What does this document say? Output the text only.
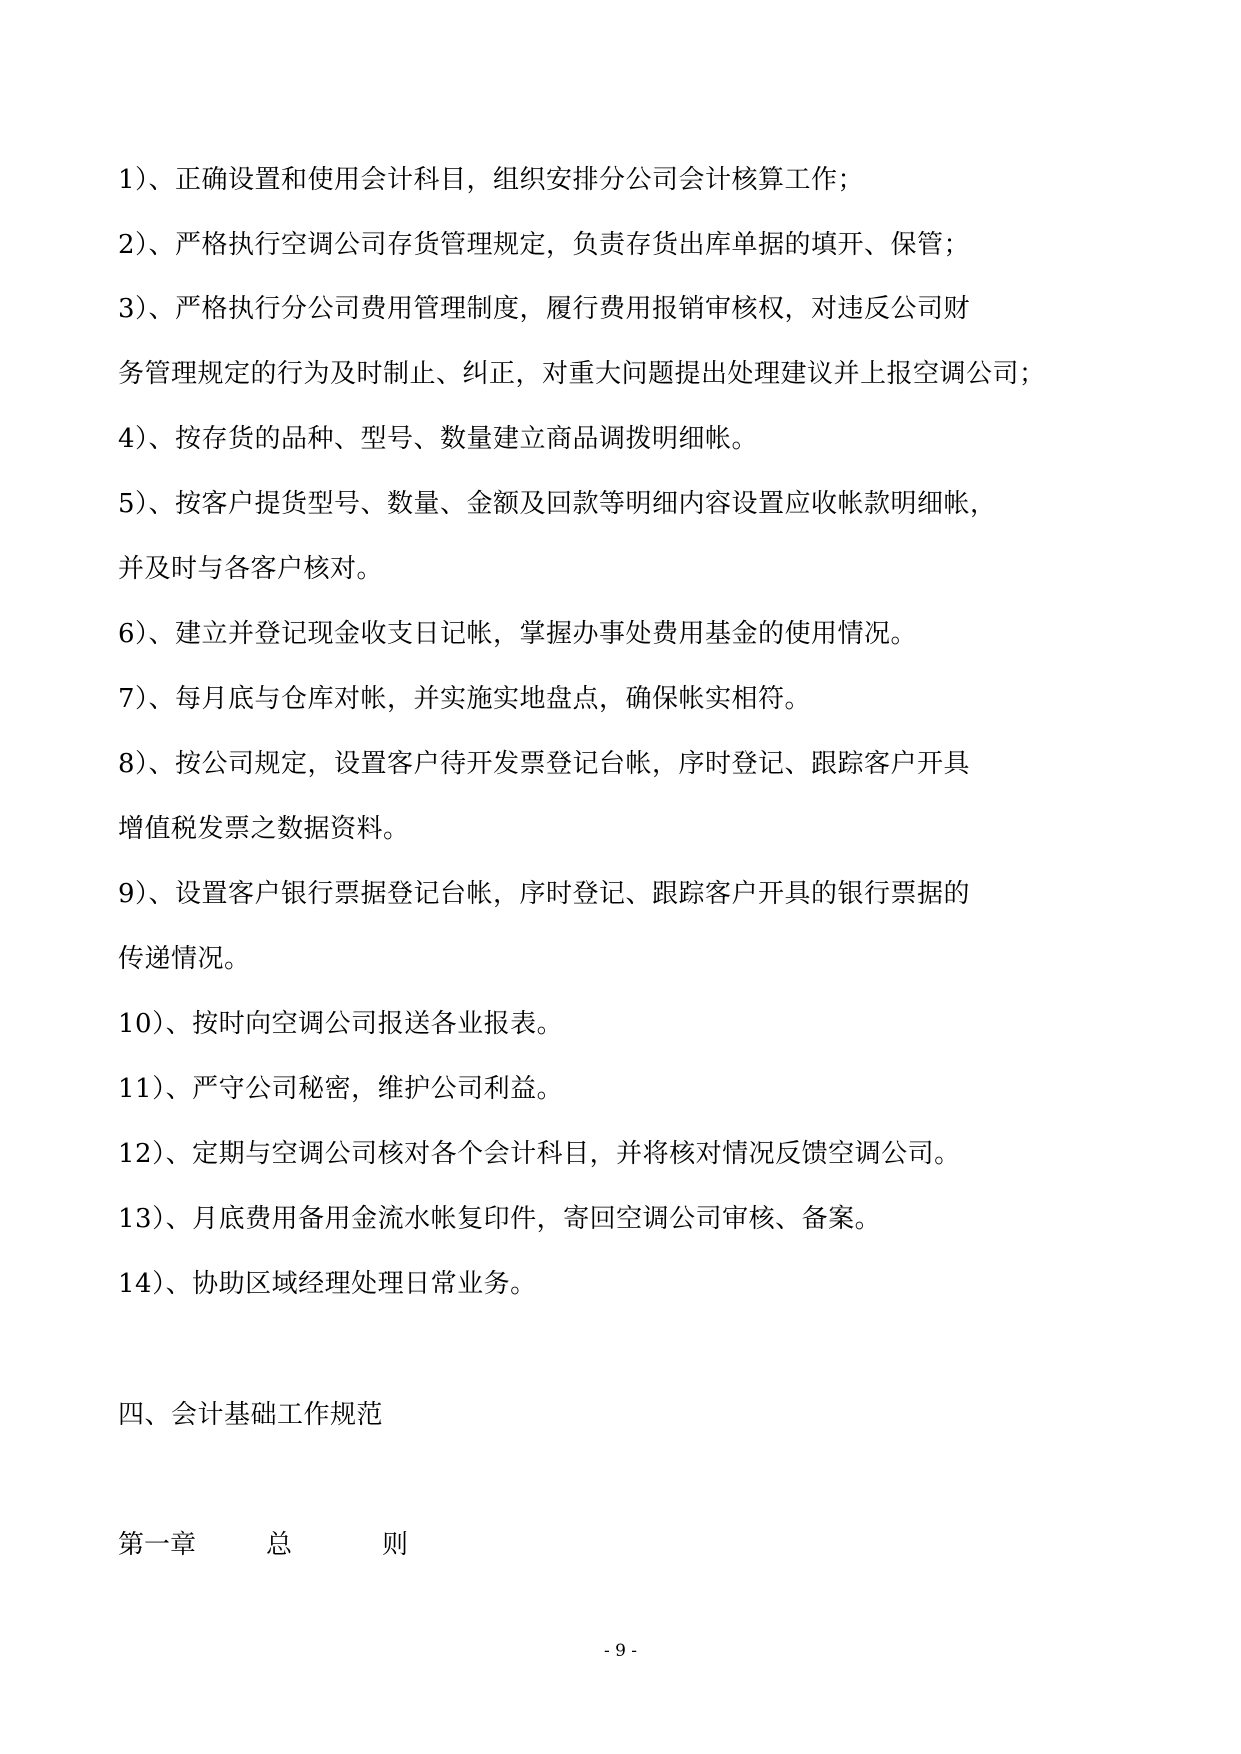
1）、正确设置和使用会计科目，组织安排分公司会计核算工作；
2）、严格执行空调公司存货管理规定，负责存货出库单据的填开、保管；
3）、严格执行分公司费用管理制度，履行费用报销审核权，对违反公司财
务管理规定的行为及时制止、纠正，对重大问题提出处理建议并上报空调公司；
4）、按存货的品种、型号、数量建立商品调拨明细帐。
5）、按客户提货型号、数量、金额及回款等明细内容设置应收帐款明细帐，
并及时与各客户核对。
6）、建立并登记现金收支日记帐，掌握办事处费用基金的使用情况。
7）、每月底与仓库对帐，并实施实地盘点，确保帐实相符。
8）、按公司规定，设置客户待开发票登记台帐，序时登记、跟踪客户开具
增值税发票之数据资料。
9）、设置客户银行票据登记台帐，序时登记、跟踪客户开具的银行票据的
传递情况。
10）、按时向空调公司报送各业报表。
11）、严守公司秘密，维护公司利益。
12）、定期与空调公司核对各个会计科目，并将核对情况反馈空调公司。
13）、月底费用备用金流水帐复印件，寄回空调公司审核、备案。
14）、协助区域经理处理日常业务。
四、会计基础工作规范
第一章	总	则
- 9 -
